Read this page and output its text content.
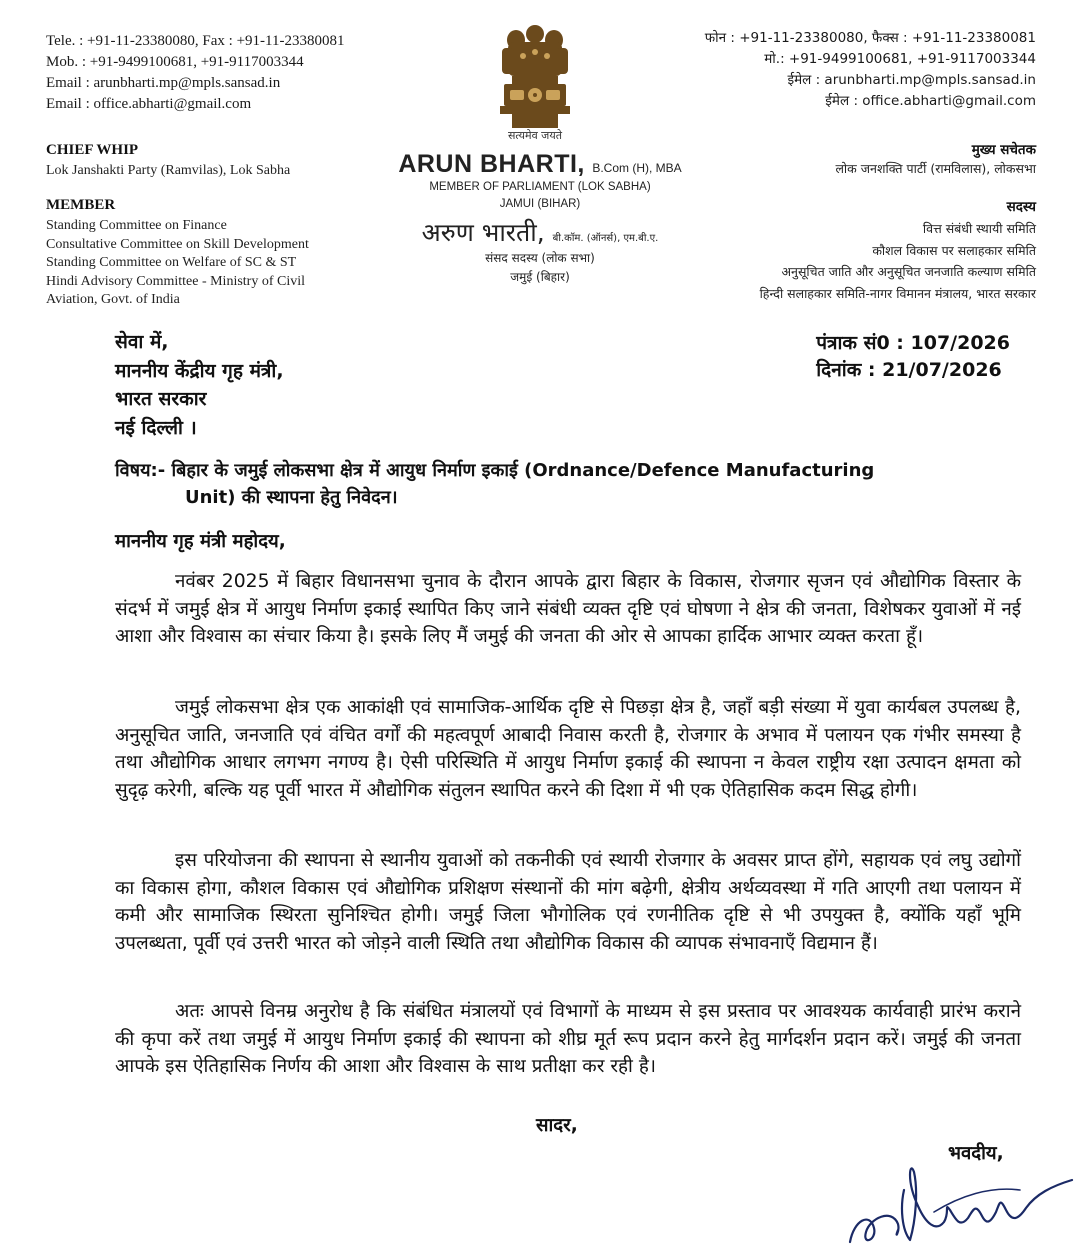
Tele. : +91-11-23380080, Fax : +91-11-23380081
Mob. : +91-9499100681, +91-9117003344
Email : arunbharti.mp@mpls.sansad.in
Email : office.abharti@gmail.com
फोन : +91-11-23380080, फैक्स : +91-11-23380081
मो.: +91-9499100681, +91-9117003344
ईमेल : arunbharti.mp@mpls.sansad.in
ईमेल : office.abharti@gmail.com
सत्यमेव जयते
CHIEF WHIP
Lok Janshakti Party (Ramvilas), Lok Sabha
MEMBER
Standing Committee on Finance
Consultative Committee on Skill Development
Standing Committee on Welfare of SC & ST
Hindi Advisory Committee - Ministry of Civil
Aviation, Govt. of India
ARUN BHARTI, B.Com (H), MBA
MEMBER OF PARLIAMENT (LOK SABHA)
JAMUI (BIHAR)
अरुण भारती, बी.कॉम. (ऑनर्स), एम.बी.ए.
संसद सदस्य (लोक सभा)
जमुई (बिहार)
मुख्य सचेतक
लोक जनशक्ति पार्टी (रामविलास), लोकसभा
सदस्य
वित्त संबंधी स्थायी समिति
कौशल विकास पर सलाहकार समिति
अनुसूचित जाति और अनुसूचित जनजाति कल्याण समिति
हिन्दी सलाहकार समिति-नागर विमानन मंत्रालय, भारत सरकार
सेवा में,
माननीय केंद्रीय गृह मंत्री,
भारत सरकार
नई दिल्ली ।
पंत्राक सं0 : 107/2026
दिनांक : 21/07/2026
विषय:- बिहार के जमुई लोकसभा क्षेत्र में आयुध निर्माण इकाई (Ordnance/Defence Manufacturing
Unit) की स्थापना हेतु निवेदन।
माननीय गृह मंत्री महोदय,
नवंबर 2025 में बिहार विधानसभा चुनाव के दौरान आपके द्वारा बिहार के विकास, रोजगार सृजन एवं औद्योगिक विस्तार के संदर्भ में जमुई क्षेत्र में आयुध निर्माण इकाई स्थापित किए जाने संबंधी व्यक्त दृष्टि एवं घोषणा ने क्षेत्र की जनता, विशेषकर युवाओं में नई आशा और विश्वास का संचार किया है। इसके लिए मैं जमुई की जनता की ओर से आपका हार्दिक आभार व्यक्त करता हूँ।
जमुई लोकसभा क्षेत्र एक आकांक्षी एवं सामाजिक-आर्थिक दृष्टि से पिछड़ा क्षेत्र है, जहाँ बड़ी संख्या में युवा कार्यबल उपलब्ध है, अनुसूचित जाति, जनजाति एवं वंचित वर्गों की महत्वपूर्ण आबादी निवास करती है, रोजगार के अभाव में पलायन एक गंभीर समस्या है तथा औद्योगिक आधार लगभग नगण्य है। ऐसी परिस्थिति में आयुध निर्माण इकाई की स्थापना न केवल राष्ट्रीय रक्षा उत्पादन क्षमता को सुदृढ़ करेगी, बल्कि यह पूर्वी भारत में औद्योगिक संतुलन स्थापित करने की दिशा में भी एक ऐतिहासिक कदम सिद्ध होगी।
इस परियोजना की स्थापना से स्थानीय युवाओं को तकनीकी एवं स्थायी रोजगार के अवसर प्राप्त होंगे, सहायक एवं लघु उद्योगों का विकास होगा, कौशल विकास एवं औद्योगिक प्रशिक्षण संस्थानों की मांग बढ़ेगी, क्षेत्रीय अर्थव्यवस्था में गति आएगी तथा पलायन में कमी और सामाजिक स्थिरता सुनिश्चित होगी। जमुई जिला भौगोलिक एवं रणनीतिक दृष्टि से भी उपयुक्त है, क्योंकि यहाँ भूमि उपलब्धता, पूर्वी एवं उत्तरी भारत को जोड़ने वाली स्थिति तथा औद्योगिक विकास की व्यापक संभावनाएँ विद्यमान हैं।
अतः आपसे विनम्र अनुरोध है कि संबंधित मंत्रालयों एवं विभागों के माध्यम से इस प्रस्ताव पर आवश्यक कार्यवाही प्रारंभ कराने की कृपा करें तथा जमुई में आयुध निर्माण इकाई की स्थापना को शीघ्र मूर्त रूप प्रदान करने हेतु मार्गदर्शन प्रदान करें। जमुई की जनता आपके इस ऐतिहासिक निर्णय की आशा और विश्वास के साथ प्रतीक्षा कर रही है।
सादर,
भवदीय,
